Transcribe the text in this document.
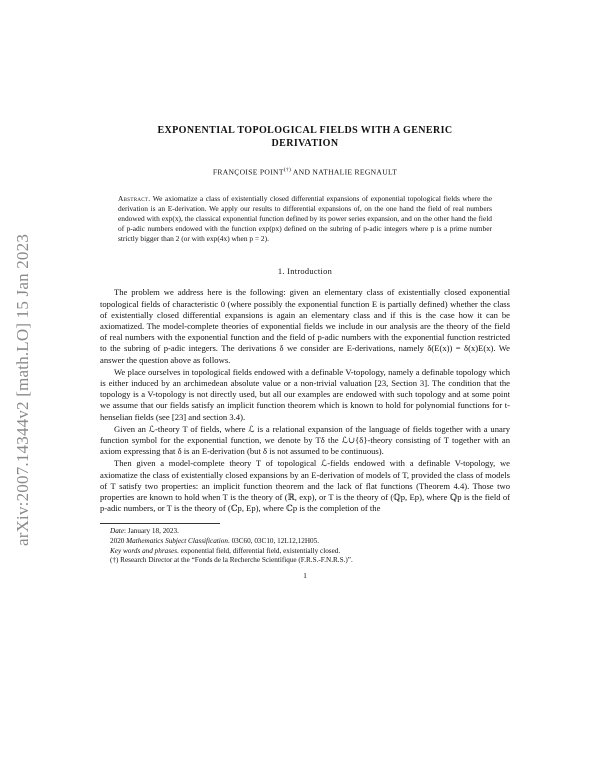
arXiv:2007.14344v2 [math.LO] 15 Jan 2023
EXPONENTIAL TOPOLOGICAL FIELDS WITH A GENERIC
DERIVATION
FRANÇOISE POINT(†) AND NATHALIE REGNAULT
Abstract. We axiomatize a class of existentially closed differential expansions of exponential topological fields where the derivation is an E-derivation. We apply our results to differential expansions of, on the one hand the field of real numbers endowed with exp(x), the classical exponential function defined by its power series expansion, and on the other hand the field of p-adic numbers endowed with the function exp(px) defined on the subring of p-adic integers where p is a prime number strictly bigger than 2 (or with exp(4x) when p = 2).
1. Introduction

The problem we address here is the following: given an elementary class of existentially closed exponential topological fields of characteristic 0 (where possibly the exponential function E is partially defined) whether the class of existentially closed differential expansions is again an elementary class and if this is the case how it can be axiomatized. The model-complete theories of exponential fields we include in our analysis are the theory of the field of real numbers with the exponential function and the field of p-adic numbers with the exponential function restricted to the subring of p-adic integers. The derivations δ we consider are E-derivations, namely δ(E(x)) = δ(x)E(x). We answer the question above as follows.

We place ourselves in topological fields endowed with a definable V-topology, namely a definable topology which is either induced by an archimedean absolute value or a non-trivial valuation [23, Section 3]. The condition that the topology is a V-topology is not directly used, but all our examples are endowed with such topology and at some point we assume that our fields satisfy an implicit function theorem which is known to hold for polynomial functions for t-henselian fields (see [23] and section 3.4).

Given an ℒ-theory T of fields, where ℒ is a relational expansion of the language of fields together with a unary function symbol for the exponential function, we denote by Tδ the ℒ∪{δ}-theory consisting of T together with an axiom expressing that δ is an E-derivation (but δ is not assumed to be continuous).

Then given a model-complete theory T of topological ℒ-fields endowed with a definable V-topology, we axiomatize the class of existentially closed expansions by an E-derivation of models of T, provided the class of models of T satisfy two properties: an implicit function theorem and the lack of flat functions (Theorem 4.4). Those two properties are known to hold when T is the theory of (ℝ, exp), or T is the theory of (ℚp, Ep), where ℚp is the field of p-adic numbers, or T is the theory of (ℂp, Ep), where ℂp is the completion of the

Date: January 18, 2023.
2020 Mathematics Subject Classification. 03C60, 03C10, 12L12,12H05.
Key words and phrases. exponential field, differential field, existentially closed.
(†) Research Director at the “Fonds de la Recherche Scientifique (F.R.S.-F.N.R.S.)”.
1
